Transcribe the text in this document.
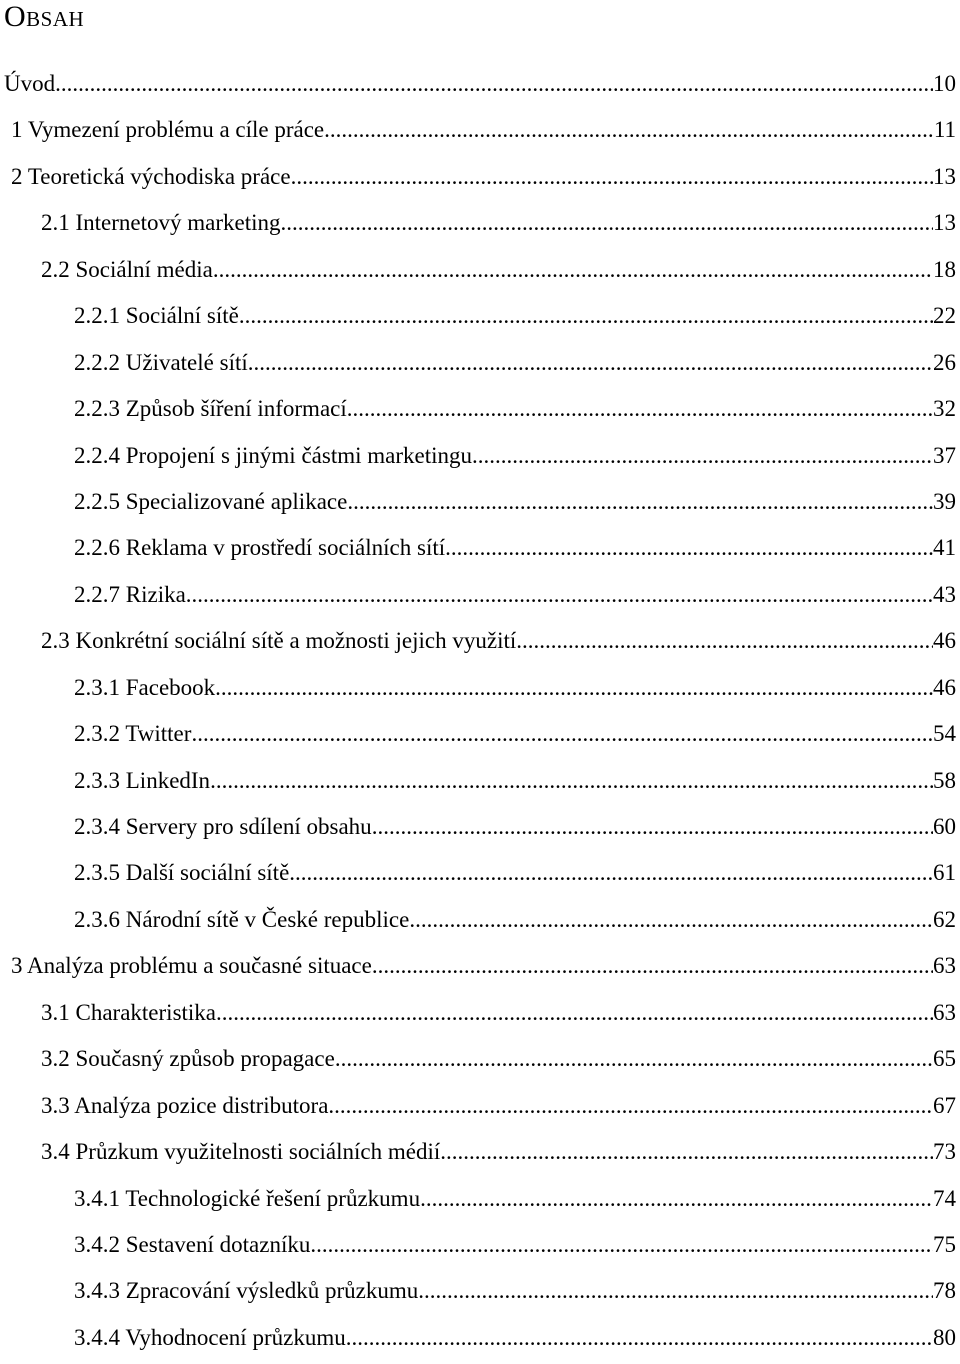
Obsah
Úvod .....	10
1 Vymezení problému a cíle práce .....	11
2 Teoretická východiska práce .....	13
2.1 Internetový marketing .....	13
2.2 Sociální média .....	18
2.2.1 Sociální sítě .....	22
2.2.2 Uživatelé sítí .....	26
2.2.3 Způsob šíření informací .....	32
2.2.4 Propojení s jinými částmi marketingu .....	37
2.2.5 Specializované aplikace .....	39
2.2.6 Reklama v prostředí sociálních sítí .....	41
2.2.7 Rizika .....	43
2.3 Konkrétní sociální sítě a možnosti jejich využití .....	46
2.3.1 Facebook .....	46
2.3.2 Twitter .....	54
2.3.3 LinkedIn .....	58
2.3.4 Servery pro sdílení obsahu .....	60
2.3.5 Další sociální sítě .....	61
2.3.6 Národní sítě v České republice .....	62
3 Analýza problému a současné situace .....	63
3.1 Charakteristika .....	63
3.2 Současný způsob propagace .....	65
3.3 Analýza pozice distributora .....	67
3.4 Průzkum využitelnosti sociálních médií .....	73
3.4.1 Technologické řešení průzkumu .....	74
3.4.2 Sestavení dotazníku .....	75
3.4.3 Zpracování výsledků průzkumu .....	78
3.4.4 Vyhodnocení průzkumu .....	80
